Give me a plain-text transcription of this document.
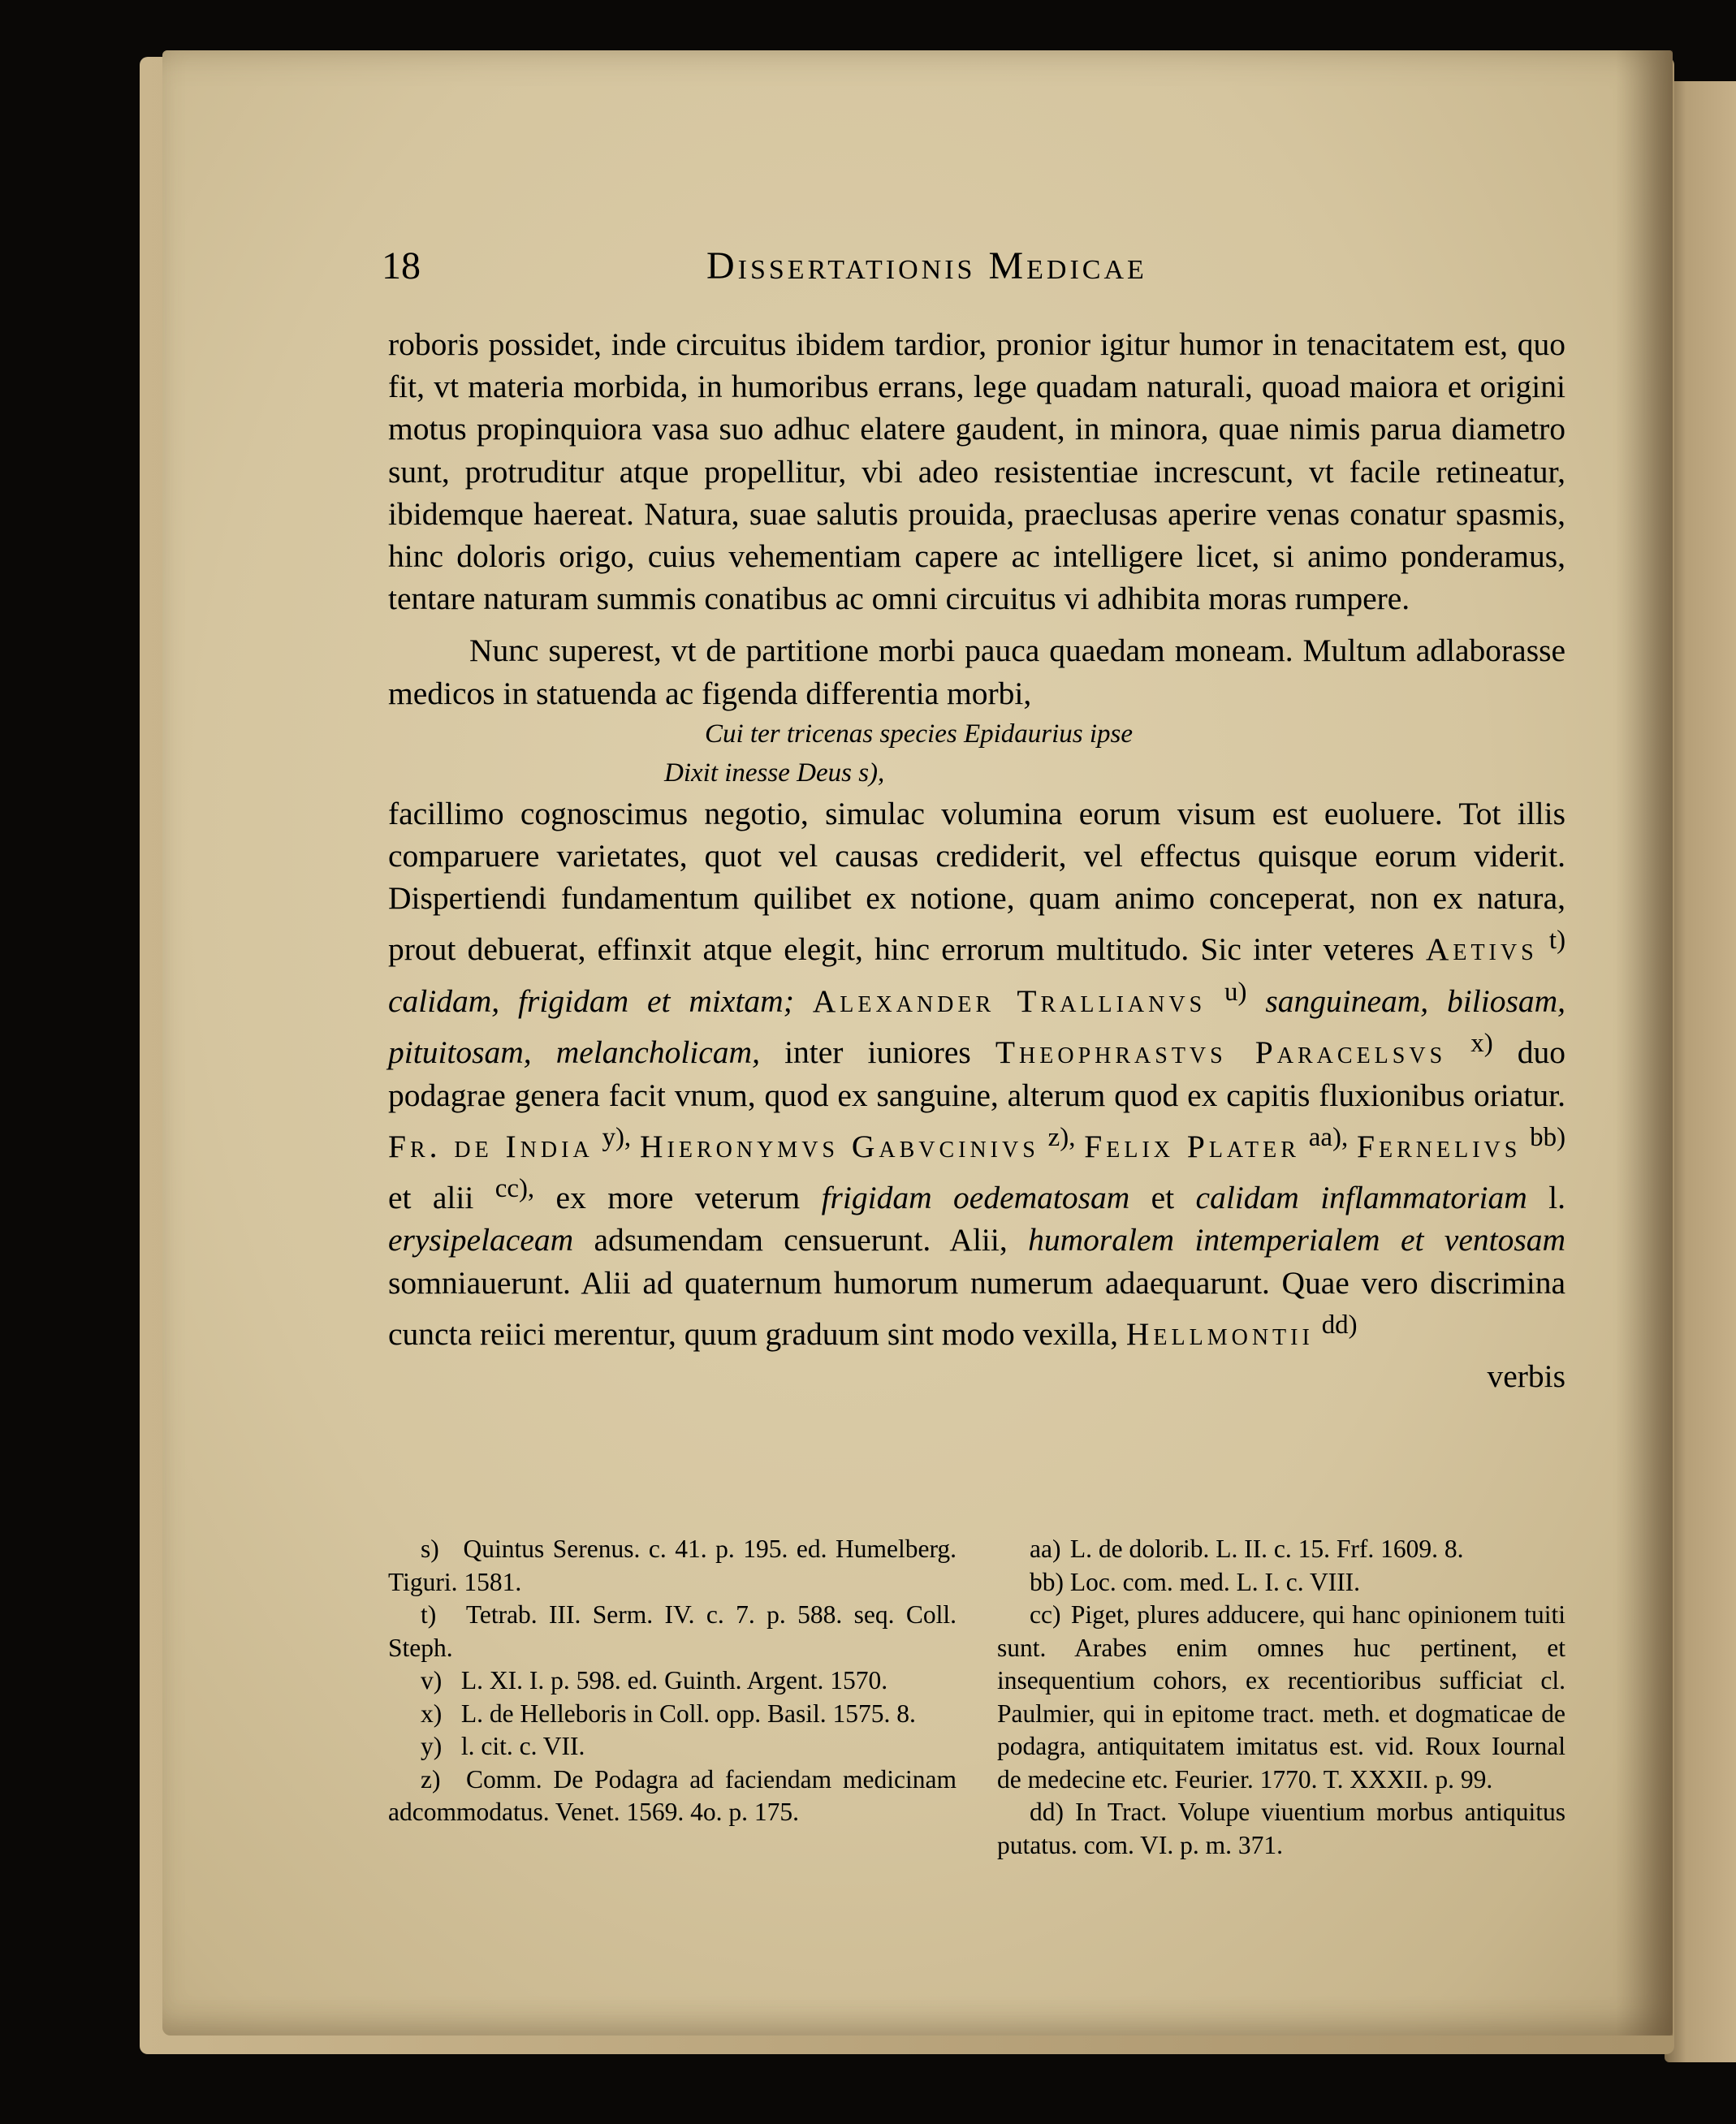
18	Dissertationis Medicae

roboris possidet, inde circuitus ibidem tardior, pronior igitur humor in tenacitatem est, quo fit, vt materia morbida, in humoribus errans, lege quadam naturali, quoad maiora et origini motus propinquiora vasa suo adhuc elatere gaudent, in minora, quae nimis parua diametro sunt, protruditur atque propellitur, vbi adeo resistentiae increscunt, vt facile retineatur, ibidemque haereat. Natura, suae salutis prouida, praeclusas aperire venas conatur spasmis, hinc doloris origo, cuius vehementiam capere ac intelligere licet, si animo ponderamus, tentare naturam summis conatibus ac omni circuitus vi adhibita moras rumpere.

Nunc superest, vt de partitione morbi pauca quaedam moneam. Multum adlaborasse medicos in statuenda ac figenda differentia morbi,

Cui ter tricenas species Epidaurius ipse

Dixit inesse Deus s),

facillimo cognoscimus negotio, simulac volumina eorum visum est euoluere. Tot illis comparuere varietates, quot vel causas crediderit, vel effectus quisque eorum viderit. Dispertiendi fundamentum quilibet ex notione, quam animo conceperat, non ex natura, prout debuerat, effinxit atque elegit, hinc errorum multitudo. Sic inter veteres Aetivs $^{t)}$ calidam, frigidam et mixtam; Alexander Trallianvs $^{u)}$ sanguineam, biliosam, pituitosam, melancholicam, inter iuniores Theophrastvs Paracelsvs $^{x)}$ duo podagrae genera facit vnum, quod ex sanguine, alterum quod ex capitis fluxionibus oriatur. Fr. de India $^{y),}$ Hieronymvs Gabvcinivs $^{z),}$ Felix Plater $^{aa),}$ Fernelivs $^{bb)}$ et alii $^{cc),}$ ex more veterum frigidam oedematosam et calidam inflammatoriam l. erysipelaceam adsumendam censuerunt. Alii, humoralem intemperialem et ventosam somniauerunt. Alii ad quaternum humorum numerum adaequarunt. Quae vero discrimina cuncta reiici merentur, quum graduum sint modo vexilla, Hellmontii $^{dd)}$

verbis

s) Quintus Serenus. c. 41. p. 195. ed. Humelberg. Tiguri. 1581.

t) Tetrab. III. Serm. IV. c. 7. p. 588. seq. Coll. Steph.

v) L. XI. I. p. 598. ed. Guinth. Argent. 1570.

x) L. de Helleboris in Coll. opp. Basil. 1575. 8.

y) l. cit. c. VII.

z) Comm. De Podagra ad faciendam medicinam adcommodatus. Venet. 1569. 4o. p. 175.

aa) L. de dolorib. L. II. c. 15. Frf. 1609. 8.

bb) Loc. com. med. L. I. c. VIII.

cc) Piget, plures adducere, qui hanc opinionem tuiti sunt. Arabes enim omnes huc pertinent, et insequentium cohors, ex recentioribus sufficiat cl. Paulmier, qui in epitome tract. meth. et dogmaticae de podagra, antiquitatem imitatus est. vid. Roux Iournal de medecine etc. Feurier. 1770. T. XXXII. p. 99.

dd) In Tract. Volupe viuentium morbus antiquitus putatus. com. VI. p. m. 371.
